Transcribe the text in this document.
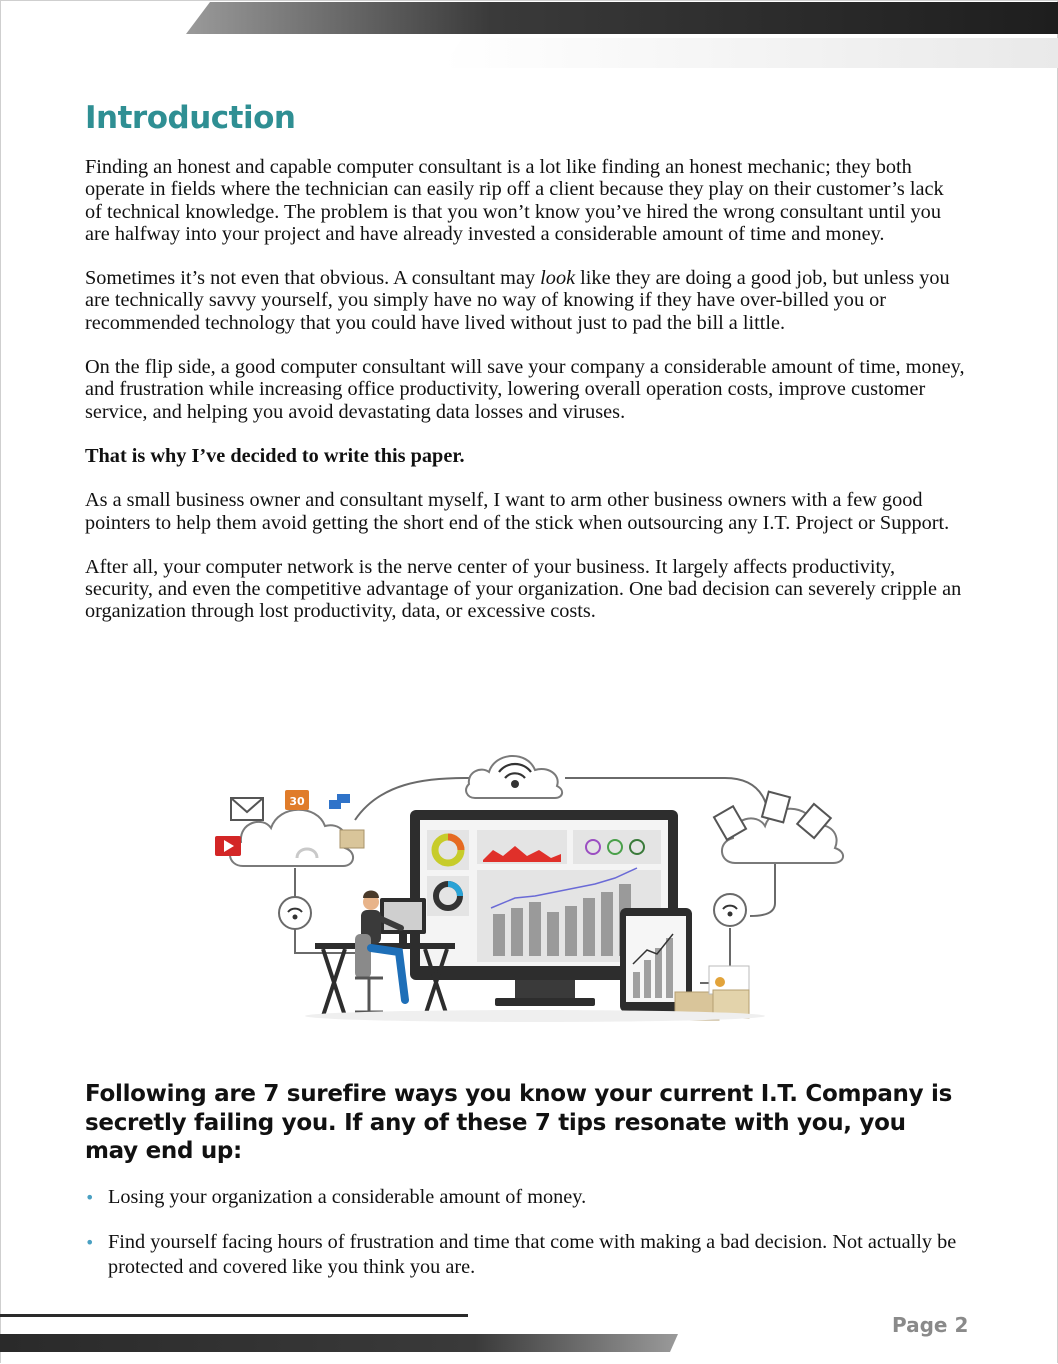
Introduction

Finding an honest and capable computer consultant is a lot like finding an honest mechanic; they both operate in fields where the technician can easily rip off a client because they play on their customer’s lack of technical knowledge. The problem is that you won’t know you’ve hired the wrong consultant until you are halfway into your project and have already invested a considerable amount of time and money.

Sometimes it’s not even that obvious. A consultant may look like they are doing a good job, but unless you are technically savvy yourself, you simply have no way of knowing if they have over-billed you or recommended technology that you could have lived without just to pad the bill a little.

On the flip side, a good computer consultant will save your company a considerable amount of time, money, and frustration while increasing office productivity, lowering overall operation costs, improve customer service, and helping you avoid devastating data losses and viruses.

That is why I’ve decided to write this paper.

As a small business owner and consultant myself, I want to arm other business owners with a few good pointers to help them avoid getting the short end of the stick when outsourcing any I.T. Project or Support.

After all, your computer network is the nerve center of your business. It largely affects productivity, security, and even the competitive advantage of your organization. One bad decision can severely cripple an organization through lost productivity, data, or excessive costs.

30

Following are 7 surefire ways you know your current I.T. Company is secretly failing you. If any of these 7 tips resonate with you, you may end up:

• Losing your organization a considerable amount of money.
• Find yourself facing hours of frustration and time that come with making a bad decision. Not actually be protected and covered like you think you are.
Page 2
